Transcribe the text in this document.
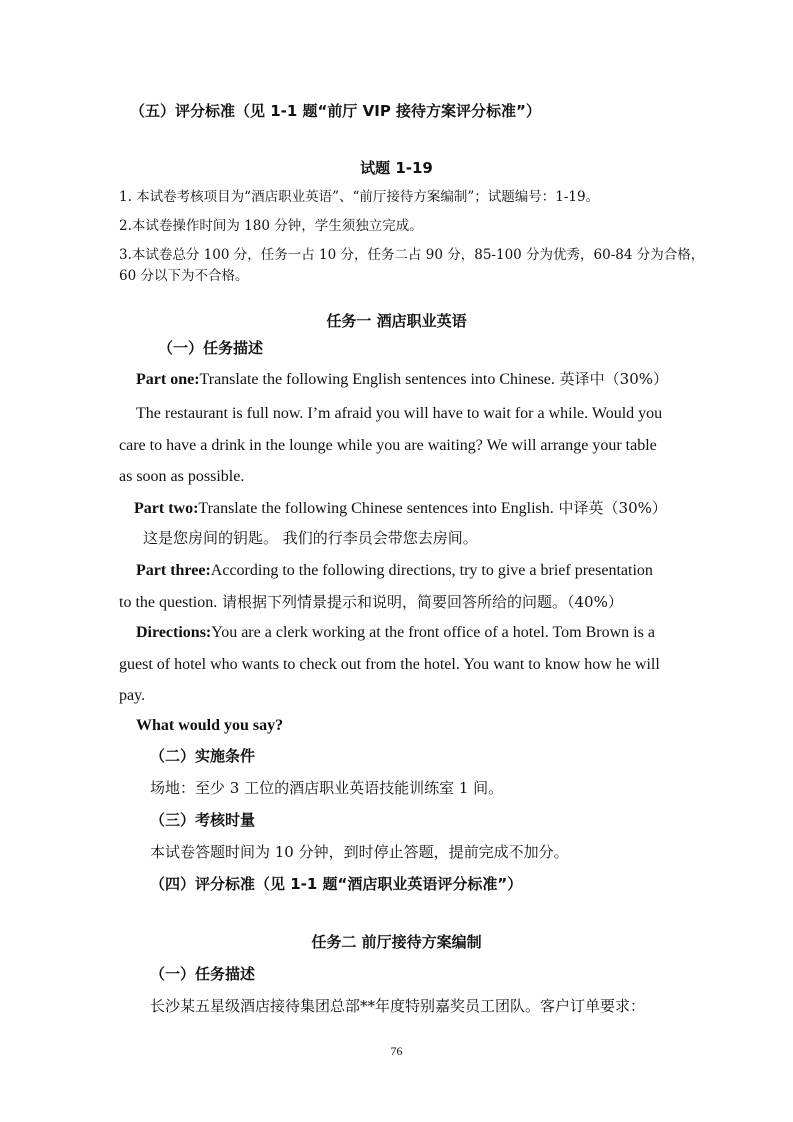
（五）评分标准（见 1-1 题“前厅 VIP 接待方案评分标准”）
试题 1-19
1. 本试卷考核项目为“酒店职业英语”、“前厅接待方案编制”；试题编号：1-19。
2.本试卷操作时间为 180 分钟，学生须独立完成。
3.本试卷总分 100 分，任务一占 10 分，任务二占 90 分，85-100 分为优秀，60-84 分为合格，
60 分以下为不合格。
任务一 酒店职业英语
（一）任务描述
Part one:Translate the following English sentences into Chinese. 英译中（30%）
The restaurant is full now. I’m afraid you will have to wait for a while. Would you
care to have a drink in the lounge while you are waiting? We will arrange your table
as soon as possible.
Part two:Translate the following Chinese sentences into English. 中译英（30%）
这是您房间的钥匙。 我们的行李员会带您去房间。
Part three:According to the following directions, try to give a brief presentation
to the question. 请根据下列情景提示和说明，简要回答所给的问题。（40%）
Directions:You are a clerk working at the front office of a hotel. Tom Brown is a
guest of hotel who wants to check out from the hotel. You want to know how he will
pay.
What would you say?
（二）实施条件
场地：至少 3 工位的酒店职业英语技能训练室 1 间。
（三）考核时量
本试卷答题时间为 10 分钟，到时停止答题，提前完成不加分。
（四）评分标准（见 1-1 题“酒店职业英语评分标准”）
任务二 前厅接待方案编制
（一）任务描述
长沙某五星级酒店接待集团总部**年度特别嘉奖员工团队。客户订单要求：
76
